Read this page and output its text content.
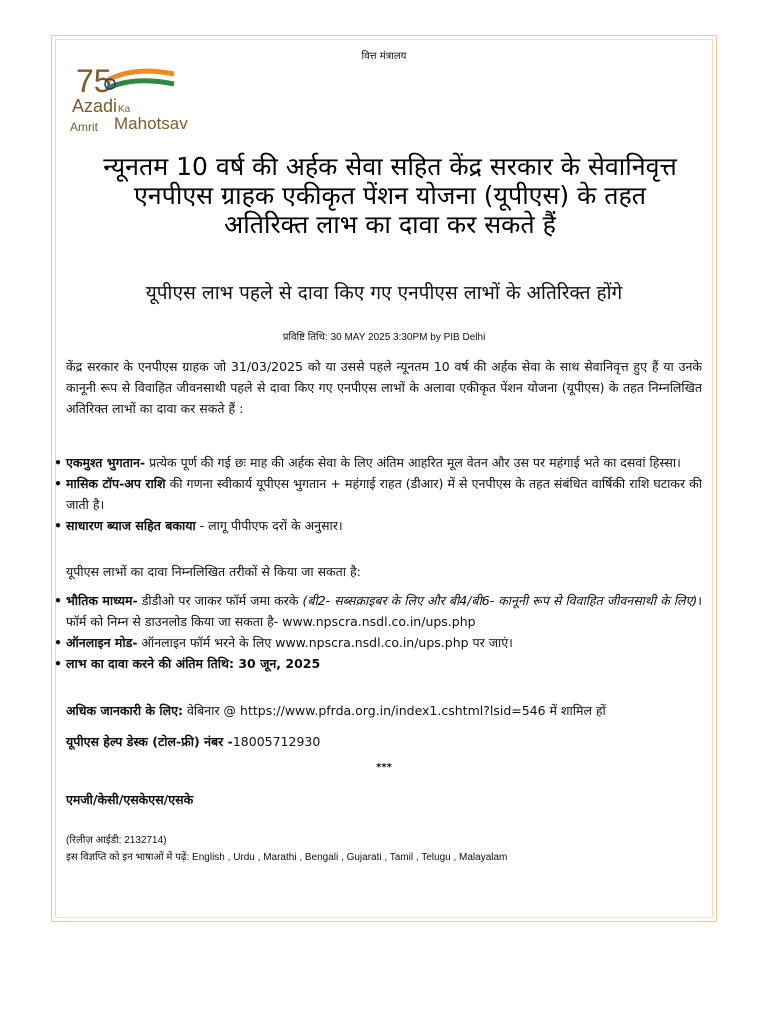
वित्त मंत्रालय
75
Azadi Ka
Amrit Mahotsav
न्यूनतम 10 वर्ष की अर्हक सेवा सहित केंद्र सरकार के सेवानिवृत्त एनपीएस ग्राहक एकीकृत पेंशन योजना (यूपीएस) के तहत अतिरिक्त लाभ का दावा कर सकते हैं
यूपीएस लाभ पहले से दावा किए गए एनपीएस लाभों के अतिरिक्त होंगे
प्रविष्टि तिथि: 30 MAY 2025 3:30PM by PIB Delhi
केंद्र सरकार के एनपीएस ग्राहक जो 31/03/2025 को या उससे पहले न्यूनतम 10 वर्ष की अर्हक सेवा के साथ सेवानिवृत्त हुए हैं या उनके कानूनी रूप से विवाहित जीवनसाथी पहले से दावा किए गए एनपीएस लाभों के अलावा एकीकृत पेंशन योजना (यूपीएस) के तहत निम्नलिखित अतिरिक्त लाभों का दावा कर सकते हैं :
• एकमुश्त भुगतान- प्रत्येक पूर्ण की गई छः माह की अर्हक सेवा के लिए अंतिम आहरित मूल वेतन और उस पर महंगाई भते का दसवां हिस्सा।
• मासिक टॉप-अप राशि की गणना स्वीकार्य यूपीएस भुगतान + महंगाई राहत (डीआर) में से एनपीएस के तहत संबंधित वार्षिकी राशि घटाकर की जाती है।
• साधारण ब्याज सहित बकाया - लागू पीपीएफ दरों के अनुसार।
यूपीएस लाभों का दावा निम्नलिखित तरीकों से किया जा सकता है:
• भौतिक माध्यम- डीडीओ पर जाकर फॉर्म जमा करके (बी2- सब्सक्राइबर के लिए और बी4/बी6- कानूनी रूप से विवाहित जीवनसाथी के लिए)। फॉर्म को निम्न से डाउनलोड किया जा सकता है- www.npscra.nsdl.co.in/ups.php
• ऑनलाइन मोड- ऑनलाइन फॉर्म भरने के लिए www.npscra.nsdl.co.in/ups.php पर जाएं।
• लाभ का दावा करने की अंतिम तिथि: 30 जून, 2025
अधिक जानकारी के लिए: वेबिनार @ https://www.pfrda.org.in/index1.cshtml?lsid=546 में शामिल हों
यूपीएस हेल्प डेस्क (टोल-फ्री) नंबर -18005712930
***
एमजी/केसी/एसकेएस/एसके
(रिलीज़ आईडी: 2132714)
इस विज्ञप्ति को इन भाषाओं में पढ़ें: English , Urdu , Marathi , Bengali , Gujarati , Tamil , Telugu , Malayalam
